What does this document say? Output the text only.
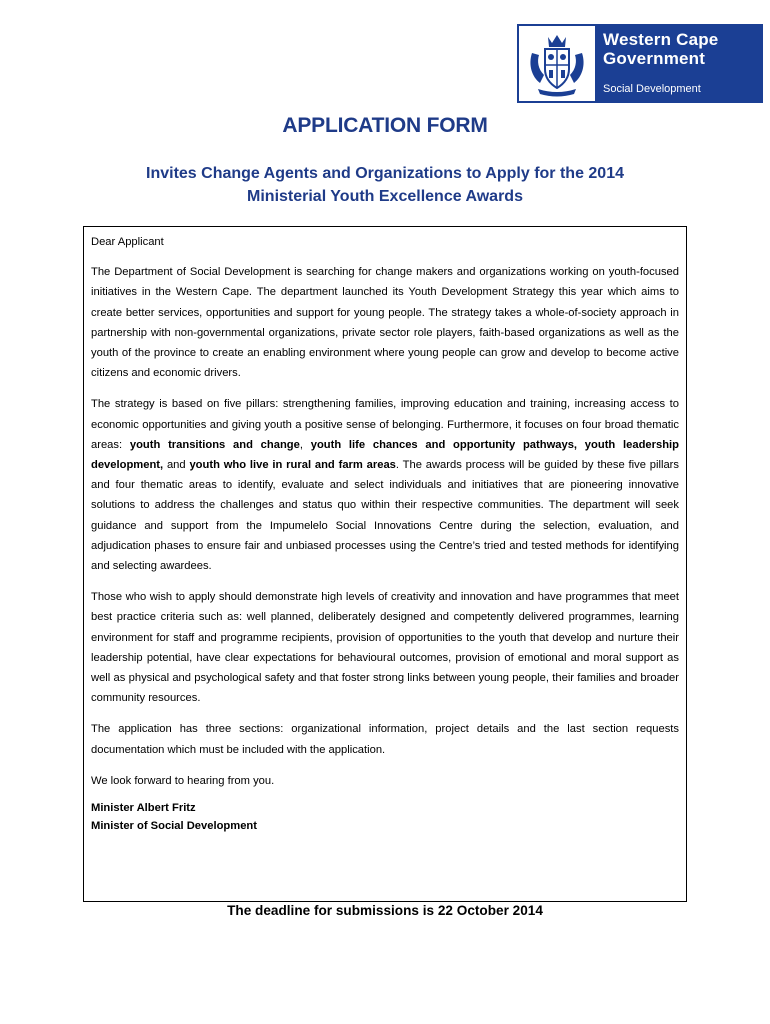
Western Cape
Government
Social Development
APPLICATION FORM
Invites Change Agents and Organizations to Apply for the 2014
Ministerial Youth Excellence Awards

Dear Applicant

The Department of Social Development is searching for change makers and organizations working on youth-focused initiatives in the Western Cape. The department launched its Youth Development Strategy this year which aims to create better services, opportunities and support for young people. The strategy takes a whole-of-society approach in partnership with non-governmental organizations, private sector role players, faith-based organizations as well as the youth of the province to create an enabling environment where young people can grow and develop to become active citizens and economic drivers.

The strategy is based on five pillars: strengthening families, improving education and training, increasing access to economic opportunities and giving youth a positive sense of belonging. Furthermore, it focuses on four broad thematic areas: youth transitions and change, youth life chances and opportunity pathways, youth leadership development, and youth who live in rural and farm areas. The awards process will be guided by these five pillars and four thematic areas to identify, evaluate and select individuals and initiatives that are pioneering innovative solutions to address the challenges and status quo within their respective communities. The department will seek guidance and support from the Impumelelo Social Innovations Centre during the selection, evaluation, and adjudication phases to ensure fair and unbiased processes using the Centre’s tried and tested methods for identifying and selecting awardees.

Those who wish to apply should demonstrate high levels of creativity and innovation and have programmes that meet best practice criteria such as: well planned, deliberately designed and competently delivered programmes, learning environment for staff and programme recipients, provision of opportunities to the youth that develop and nurture their leadership potential, have clear expectations for behavioural outcomes, provision of emotional and moral support as well as physical and psychological safety and that foster strong links between young people, their families and broader community resources.

The application has three sections: organizational information, project details and the last section requests documentation which must be included with the application.

We look forward to hearing from you.

Minister Albert Fritz
Minister of Social Development
The deadline for submissions is 22 October 2014
